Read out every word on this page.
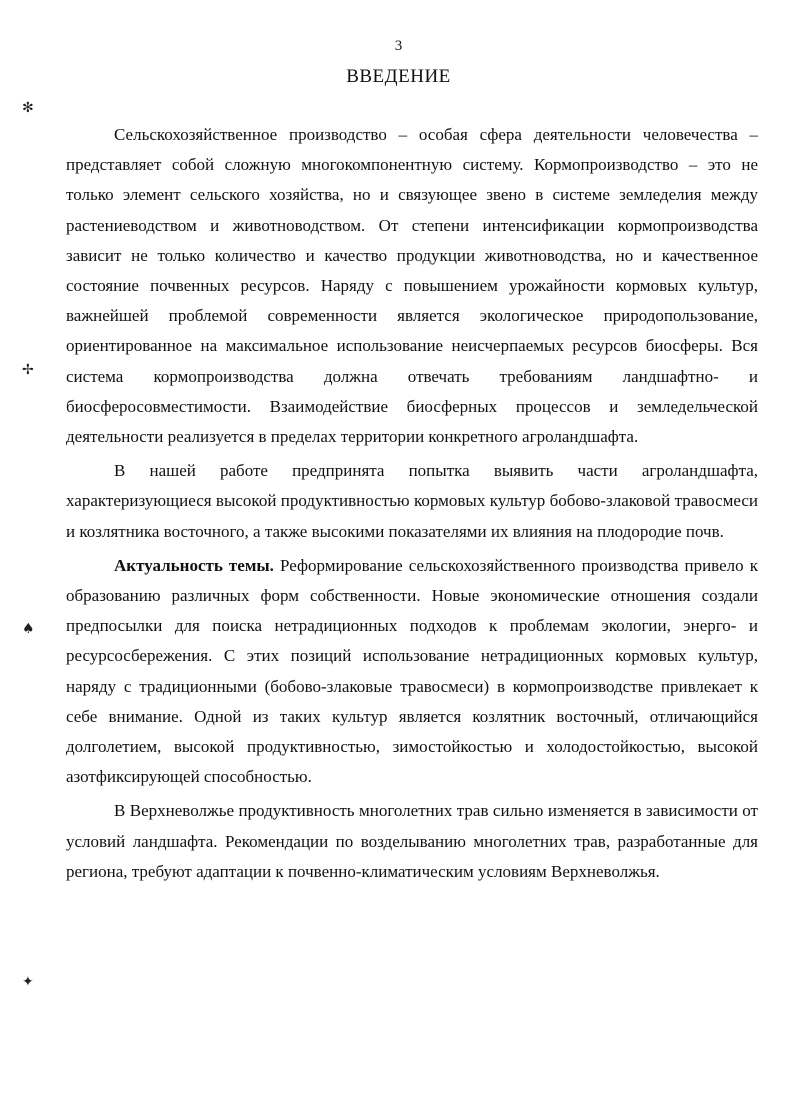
3
ВВЕДЕНИЕ
✻
✢
♠
✦

Сельскохозяйственное производство – особая сфера деятельности человечества – представляет собой сложную многокомпонентную систему. Кормопроизводство – это не только элемент сельского хозяйства, но и связующее звено в системе земледелия между растениеводством и животноводством. От степени интенсификации кормопроизводства зависит не только количество и качество продукции животноводства, но и качественное состояние почвенных ресурсов. Наряду с повышением урожайности кормовых культур, важнейшей проблемой современности является экологическое природопользование, ориентированное на максимальное использование неисчерпаемых ресурсов биосферы. Вся система кормопроизводства должна отвечать требованиям ландшафтно- и биосферосовместимости. Взаимодействие биосферных процессов и земледельческой деятельности реализуется в пределах территории конкретного агроландшафта.

В нашей работе предпринята попытка выявить части агроландшафта, характеризующиеся высокой продуктивностью кормовых культур бобово-злаковой травосмеси и козлятника восточного, а также высокими показателями их влияния на плодородие почв.

Актуальность темы. Реформирование сельскохозяйственного производства привело к образованию различных форм собственности. Новые экономические отношения создали предпосылки для поиска нетрадиционных подходов к проблемам экологии, энерго- и ресурсосбережения. С этих позиций использование нетрадиционных кормовых культур, наряду с традиционными (бобово-злаковые травосмеси) в кормопроизводстве привлекает к себе внимание. Одной из таких культур является козлятник восточный, отличающийся долголетием, высокой продуктивностью, зимостойкостью и холодостойкостью, высокой азотфиксирующей способностью.

В Верхневолжье продуктивность многолетних трав сильно изменяется в зависимости от условий ландшафта. Рекомендации по возделыванию многолетних трав, разработанные для региона, требуют адаптации к почвенно-климатическим условиям Верхневолжья.
